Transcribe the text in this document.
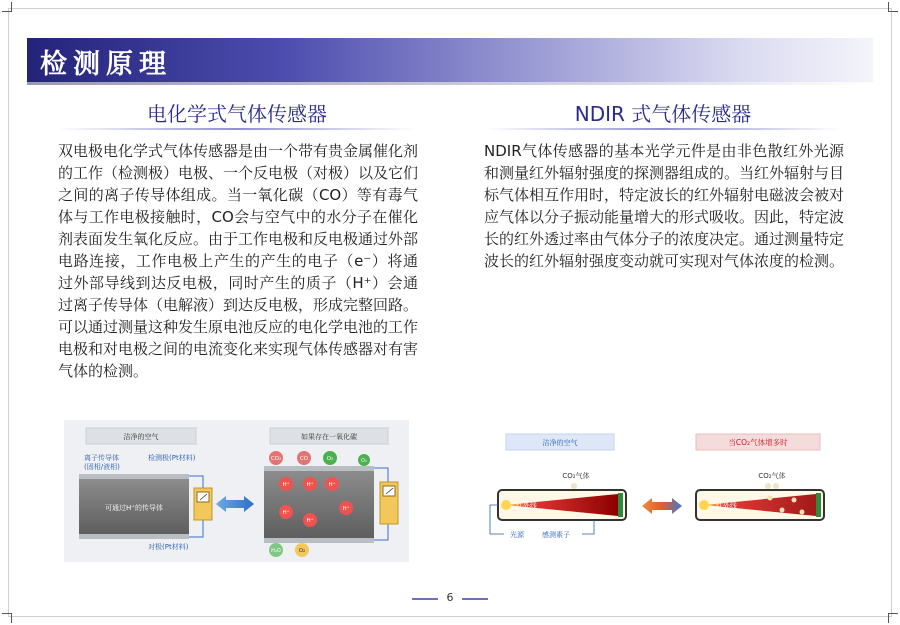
检测原理
电化学式气体传感器
双电极电化学式气体传感器是由一个带有贵金属催化剂的工作（检测极）电极、一个反电极（对极）以及它们之间的离子传导体组成。当一氧化碳（CO）等有毒气体与工作电极接触时，CO会与空气中的水分子在催化剂表面发生氧化反应。由于工作电极和反电极通过外部电路连接，工作电极上产生的产生的电子（e⁻）将通过外部导线到达反电极，同时产生的质子（H⁺）会通过离子传导体（电解液）到达反电极，形成完整回路。可以通过测量这种发生原电池反应的电化学电池的工作电极和对电极之间的电流变化来实现气体传感器对有害气体的检测。
NDIR 式气体传感器
NDIR气体传感器的基本光学元件是由非色散红外光源和测量红外辐射强度的探测器组成的。当红外辐射与目标气体相互作用时，特定波长的红外辐射电磁波会被对应气体以分子振动能量增大的形式吸收。因此，特定波长的红外透过率由气体分子的浓度决定。通过测量特定波长的红外辐射强度变动就可实现对气体浓度的检测。
洁净的空气	如果存在一氧化碳
离子传导体
(固相/液相)
检测极(Pt材料)
可通过H⁺的传导体
对极(Pt材料)
CO₂	CO	O₂	O₂
H⁺	H⁺	H⁺
H⁺
H⁺
H⁺
H₂O	O₂
洁净的空气	当CO₂气体增多时
CO₂气体
红外线
光源	感测素子
CO₂气体
红外线
6
